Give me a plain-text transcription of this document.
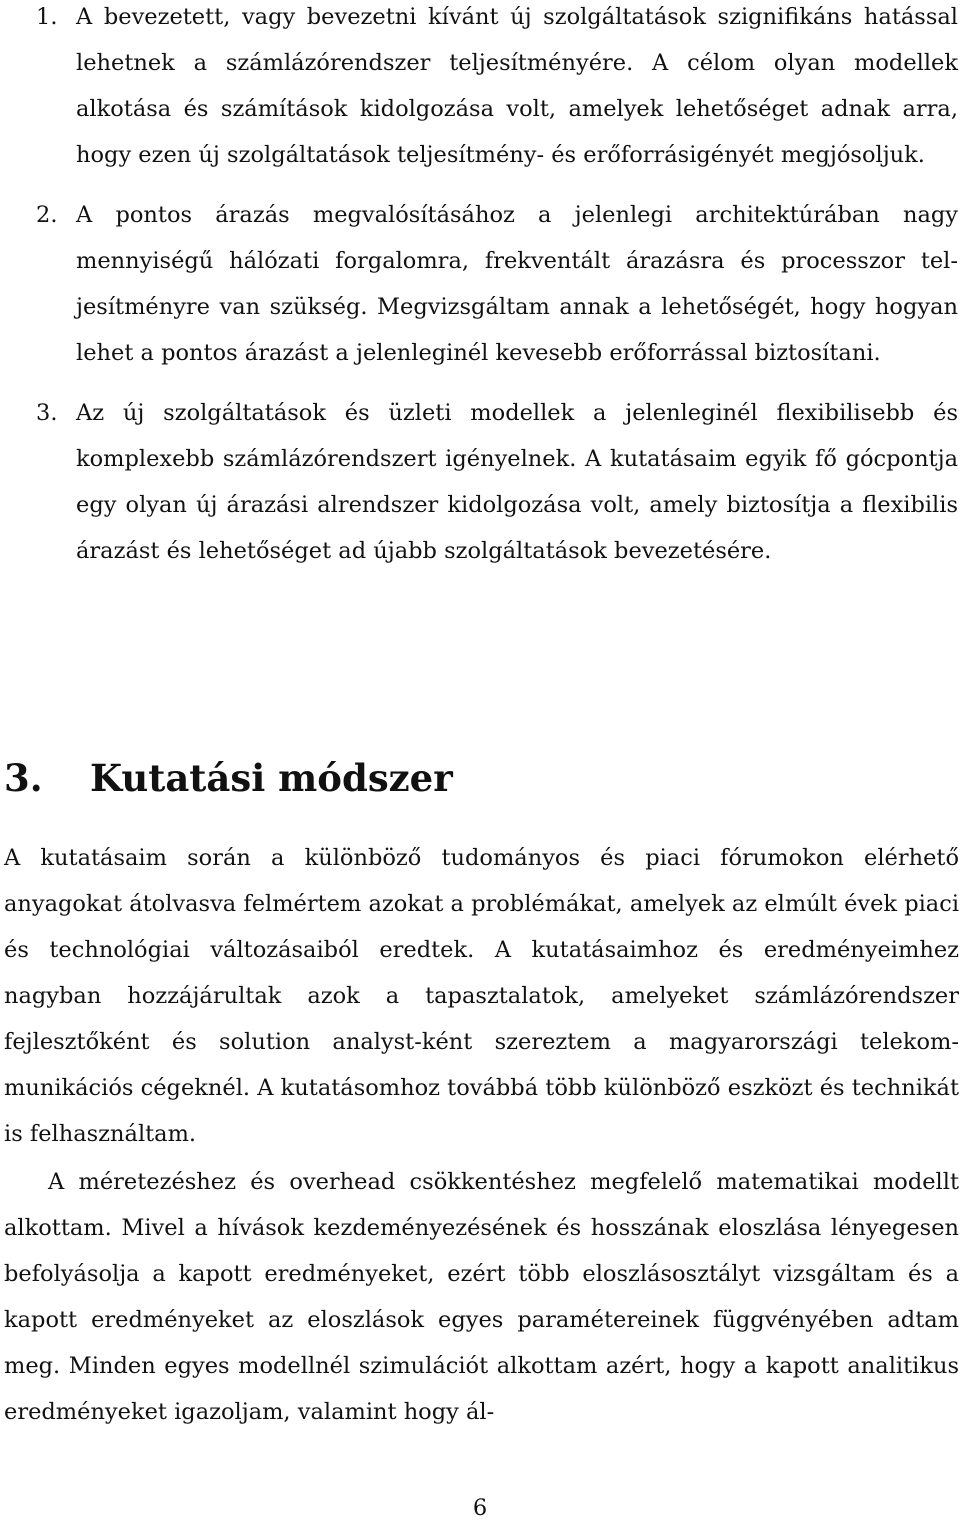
1. A bevezetett, vagy bevezetni kívánt új szolgáltatások szignifikáns hatással lehetnek a számlázórendszer teljesítményére. A célom olyan modellek alkotása és számítások kidolgozása volt, amelyek lehetőséget adnak arra, hogy ezen új szolgáltatások teljesítmény- és erőforrásigényét megjósoljuk.
2. A pontos árazás megvalósításához a jelenlegi architektúrában nagy mennyiségű hálózati forgalomra, frekventált árazásra és processzor teljesítményre van szükség. Megvizsgáltam annak a lehetőségét, hogy hogyan lehet a pontos árazást a jelenleginél kevesebb erőforrással biztosítani.
3. Az új szolgáltatások és üzleti modellek a jelenleginél flexibilisebb és komplexebb számlázórendszert igényelnek. A kutatásaim egyik fő gócpontja egy olyan új árazási alrendszer kidolgozása volt, amely biztosítja a flexibilis árazást és lehetőséget ad újabb szolgáltatások bevezetésére.
3. Kutatási módszer

A kutatásaim során a különböző tudományos és piaci fórumokon elérhető anyagokat átolvasva felmértem azokat a problémákat, amelyek az elmúlt évek piaci és technológiai változásaiból eredtek. A kutatásaimhoz és eredményeimhez nagyban hozzájárultak azok a tapasztalatok, amelyeket számlázórendszer fejlesztőként és solution analyst-ként szereztem a magyarországi telekommunikációs cégeknél. A kutatásomhoz továbbá több különböző eszközt és technikát is felhasználtam.

A méretezéshez és overhead csökkentéshez megfelelő matematikai modellt alkottam. Mivel a hívások kezdeményezésének és hosszának eloszlása lényegesen befolyásolja a kapott eredményeket, ezért több eloszlásosztályt vizsgáltam és a kapott eredményeket az eloszlások egyes paramétereinek függvényében adtam meg. Minden egyes modellnél szimulációt alkottam azért, hogy a kapott analitikus eredményeket igazoljam, valamint hogy ál-

6
